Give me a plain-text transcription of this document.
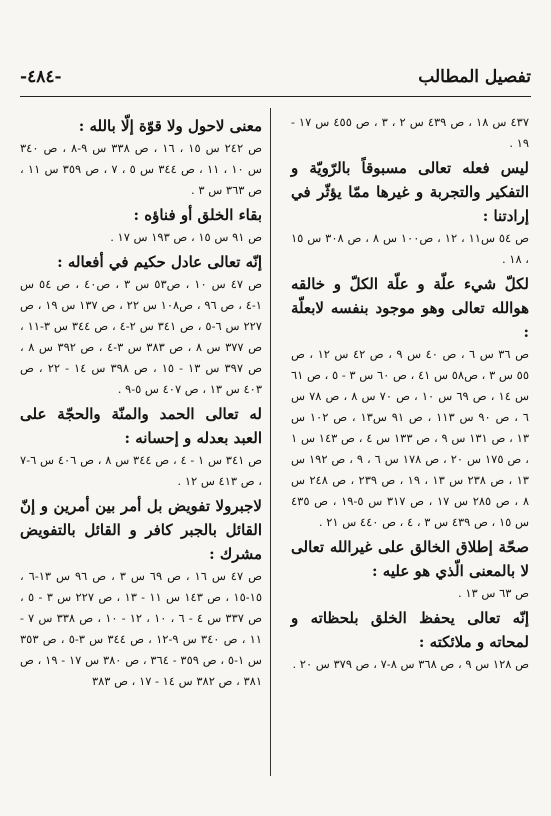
تفصيل المطالب
-٤٨٤-
٤٣٧ س ١٨ ، ص ٤٣٩ س ٢ ، ٣ ، ص ٤٥٥ س ١٧ - ١٩ .
ليس فعله تعالى مسبوقاً بالرّويّة و التفكير والتجربة و غيرها ممّا يؤثّر في إرادتنا :
ص ٥٤ س١١ ، ١٢ ، ص١٠٠ س ٨ ، ص ٣٠٨ س ١٥ ، ١٨ .
لكلّ شيء علّة و علّة الكلّ و خالقه هوالله تعالى وهو موجود بنفسه لابعلّة :
ص ٣٦ س ٦ ، ص ٤٠ س ٩ ، ص ٤٢ س ١٢ ، ص ٥٥ س ٣ ، ص٥٨ س ٤١ ، ص ٦٠ س ٣ - ٥ ، ص ٦١ س ١٤ ، ص ٦٩ س ١٠ ، ص ٧٠ س ٨ ، ص ٧٨ س ٦ ، ص ٩٠ س ١١٣ ، ص ٩١ س١٣ ، ص ١٠٢ س ١٣ ، ص ١٣١ س ٩ ، ص ١٣٣ س ٤ ، ص ١٤٣ س ١ ، ص ١٧٥ س ٢٠ ، ص ١٧٨ س ٦ ، ٩ ، ص ١٩٢ س ١٣ ، ص ٢٣٨ س ١٣ ، ١٩ ، ص ٢٣٩ ، ص ٢٤٨ س ٨ ، ص ٢٨٥ س ١٧ ، ص ٣١٧ س ٥-١٩ ، ص ٤٣٥ س ١٥ ، ص ٤٣٩ س ٣ ، ٤ ، ص ٤٤٠ س ٢١ .
صحّة إطلاق الخالق على غيرالله تعالى لا بالمعنى الّذي هو عليه :
ص ٦٣ س ١٣ .
إنّه تعالى يحفظ الخلق بلحظاته و لمحاته و ملائكته :
ص ١٢٨ س ٩ ، ص ٣٦٨ س ٨-٧ ، ص ٣٧٩ س ٢٠ .
معنى لاحول ولا قوّة إلّا بالله :
ص ٢٤٢ س ١٥ ، ١٦ ، ص ٣٣٨ س ٩-٨ ، ص ٣٤٠ س ١٠ ، ١١ ، ص ٣٤٤ س ٥ ، ٧ ، ص ٣٥٩ س ١١ ، ص ٣٦٣ س ٣ .
بقاء الخلق أو فناؤه :
ص ٩١ س ١٥ ، ص ١٩٣ س ١٧ .
إنّه تعالى عادل حكيم في أفعاله :
ص ٤٧ س ١٠ ، ص٥٣ س ٣ ، ص٤٠ ، ص ٥٤ س ١-٤ ، ص ٩٦ ، ص١٠٨ س ٢٢ ، ص ١٣٧ س ١٩ ، ص ٢٢٧ س ٦-٥ ، ص ٣٤١ س ٢-٤ ، ص ٣٤٤ س ٣-١١ ، ص ٣٧٧ س ٨ ، ص ٣٨٣ س ٣-٤ ، ص ٣٩٢ س ٨ ، ص ٣٩٧ س ١٣ - ١٥ ، ص ٣٩٨ س ١٤ - ٢٢ ، ص ٤٠٣ س ١٣ ، ص ٤٠٧ س ٥-٩ .
له تعالى الحمد والمنّة والحجّة على العبد بعدله و إحسانه :
ص ٣٤١ س ١ - ٤ ، ص ٣٤٤ س ٨ ، ص ٤٠٦ س ٦-٧ ، ص ٤١٣ س ١٢ .
لاجبرولا تفويض بل أمر بين أمرين و إنّ القائل بالجبر كافر و القائل بالتفويض مشرك :
ص ٤٧ س ١٦ ، ص ٦٩ س ٣ ، ص ٩٦ س ١٣-٦ ، ١٥-١٥ ، ص ١٤٣ س ١١ - ١٣ ، ص ٢٢٧ س ٣ - ٥ ، ص ٣٣٧ س ٤ - ٦ ، ١٠ ، ١٢ - ١٠ ، ص ٣٣٨ س ٧ - ١١ ، ص ٣٤٠ س ٩-١٢ ، ص ٣٤٤ س ٣-٥ ، ص ٣٥٣ س ١-٥ ، ص ٣٥٩ - ٣٦٤ ، ص ٣٨٠ س ١٧ - ١٩ ، ص ٣٨١ ، ص ٣٨٢ س ١٤ - ١٧ ، ص ٣٨٣
